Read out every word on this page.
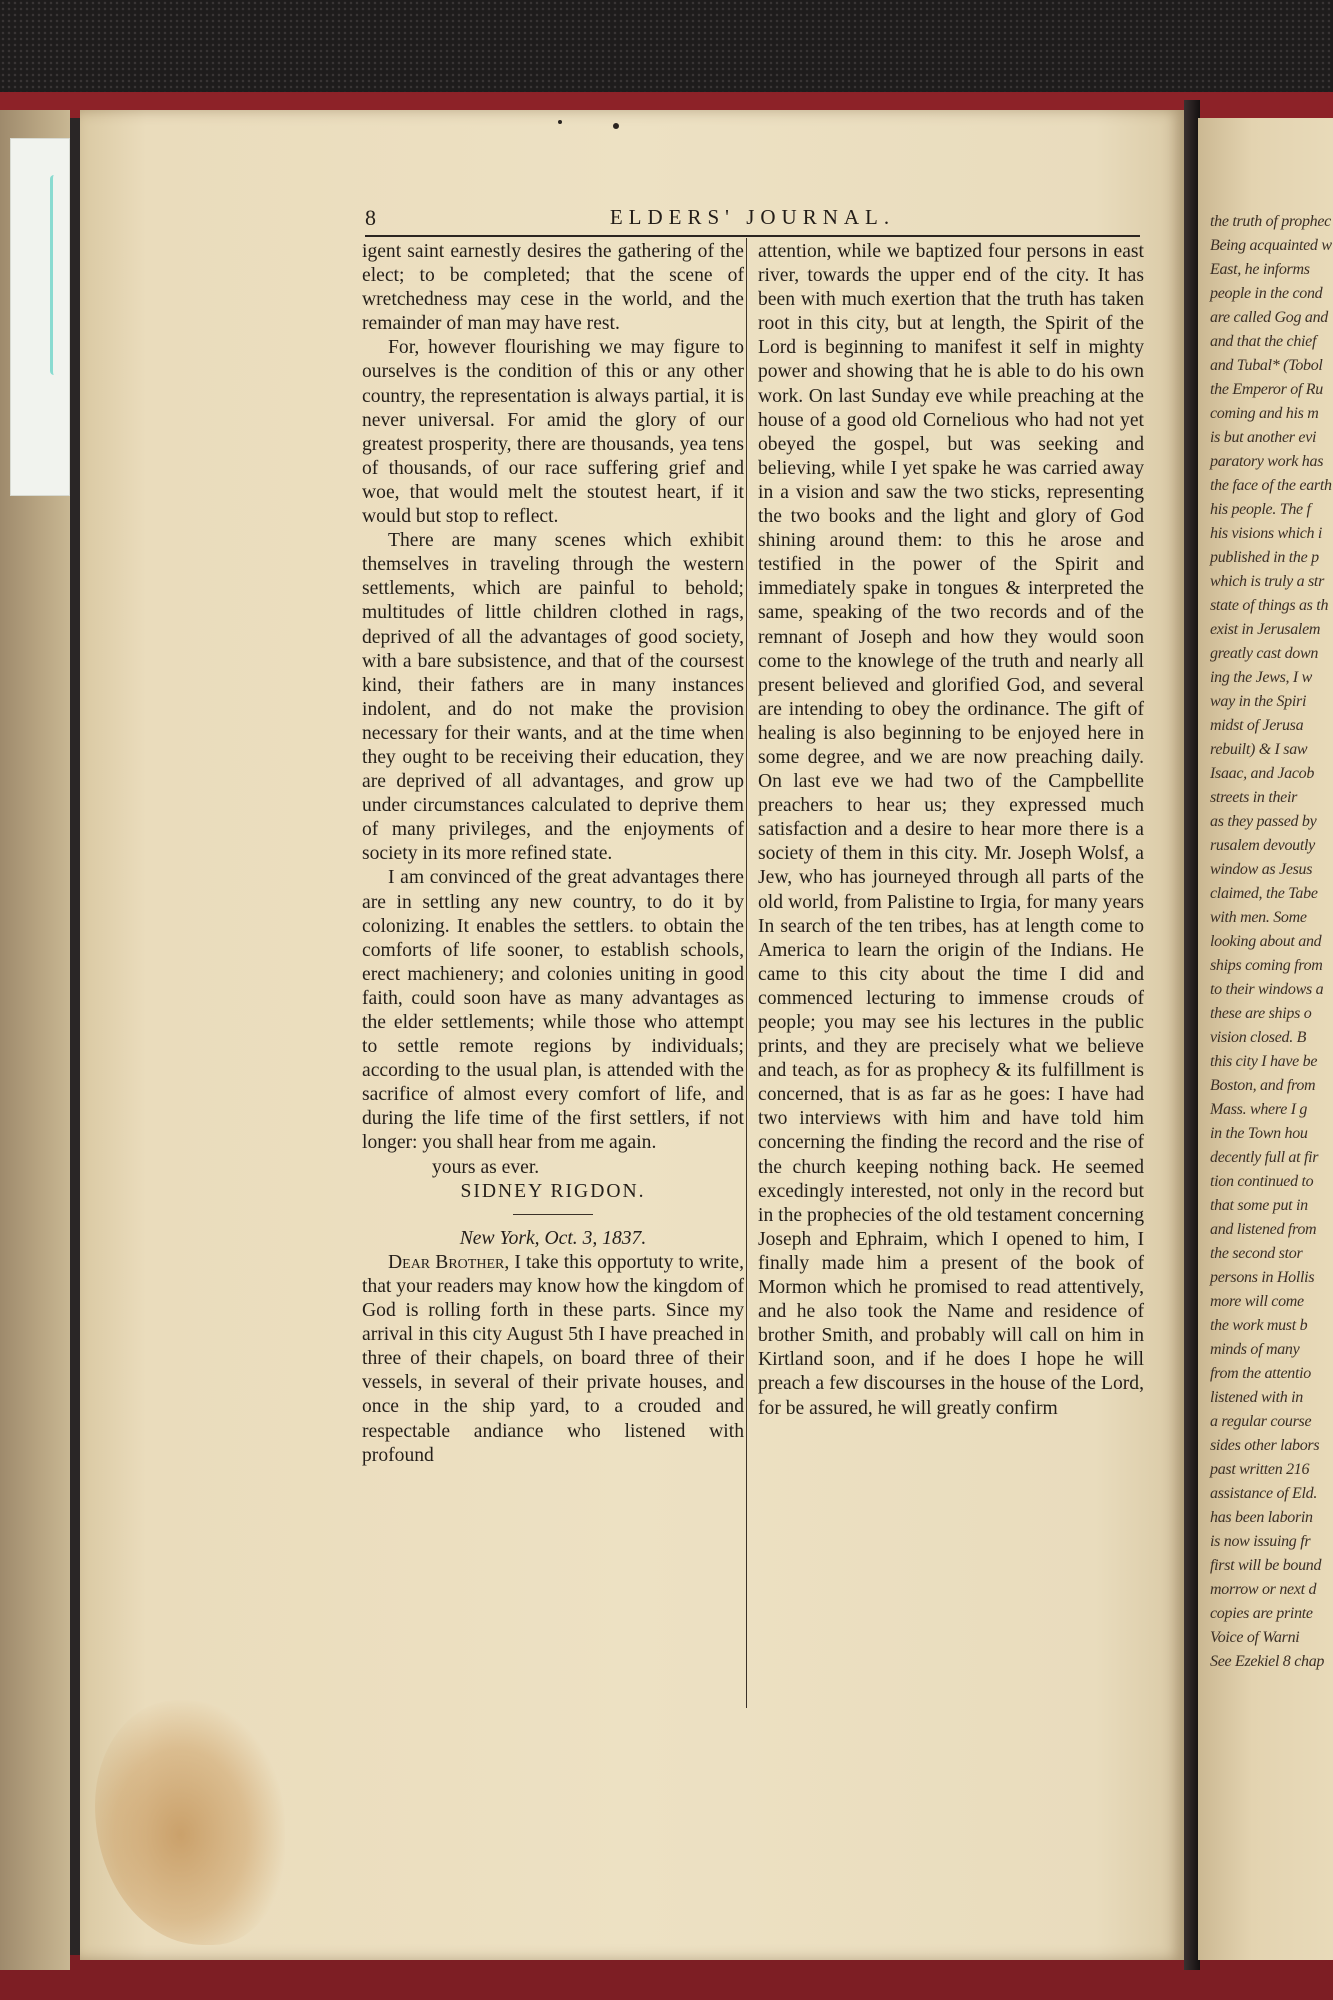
the truth of prophec
Being acquainted w
East, he informs
people in the cond
are called Gog and
and that the chief
and Tubal* (Tobol
the Emperor of Ru
coming and his m
is but another evi
paratory work has
the face of the earth
his people. The f
his visions which i
published in the p
which is truly a str
state of things as th
exist in Jerusalem
greatly cast down
ing the Jews, I w
way in the Spiri
midst of Jerusa
rebuilt) & I saw
Isaac, and Jacob
streets in their
as they passed by
rusalem devoutly
window as Jesus
claimed, the Tabe
with men. Some
looking about and
ships coming from
to their windows a
these are ships o
vision closed. B
this city I have be
Boston, and from
Mass. where I g
in the Town hou
decently full at fir
tion continued to
that some put in
and listened from
the second stor
persons in Hollis
more will come
the work must b
minds of many
from the attentio
listened with in
a regular course
sides other labors
past written 216
assistance of Eld.
has been laborin
is now issuing fr
first will be bound
morrow or next d
copies are printe
Voice of Warni
See Ezekiel 8 chap
8	ELDERS' JOURNAL.

igent saint earnestly desires the gathering of the elect; to be completed; that the scene of wretchedness may cese in the world, and the remainder of man may have rest.

For, however flourishing we may figure to ourselves is the condition of this or any other country, the representation is always partial, it is never universal. For amid the glory of our greatest prosperity, there are thousands, yea tens of thousands, of our race suffering grief and woe, that would melt the stoutest heart, if it would but stop to reflect.

There are many scenes which exhibit themselves in traveling through the western settlements, which are painful to behold; multitudes of little children clothed in rags, deprived of all the advantages of good society, with a bare subsistence, and that of the coursest kind, their fathers are in many instances indolent, and do not make the provision necessary for their wants, and at the time when they ought to be receiving their education, they are deprived of all advantages, and grow up under circumstances calculated to deprive them of many privileges, and the enjoyments of society in its more refined state.

I am convinced of the great advantages there are in settling any new country, to do it by colonizing. It enables the settlers. to obtain the comforts of life sooner, to establish schools, erect machienery; and colonies uniting in good faith, could soon have as many advantages as the elder settlements; while those who attempt to settle remote regions by individuals; according to the usual plan, is attended with the sacrifice of almost every comfort of life, and during the life time of the first settlers, if not longer: you shall hear from me again.

yours as ever.

SIDNEY RIGDON.

New York, Oct. 3, 1837.

Dear Brother, I take this opportuty to write, that your readers may know how the kingdom of God is rolling forth in these parts. Since my arrival in this city August 5th I have preached in three of their chapels, on board three of their vessels, in several of their private houses, and once in the ship yard, to a crouded and respectable andiance who listened with profound

attention, while we baptized four persons in east river, towards the upper end of the city. It has been with much exertion that the truth has taken root in this city, but at length, the Spirit of the Lord is beginning to manifest it self in mighty power and showing that he is able to do his own work. On last Sunday eve while preaching at the house of a good old Cornelious who had not yet obeyed the gospel, but was seeking and believing, while I yet spake he was carried away in a vision and saw the two sticks, representing the two books and the light and glory of God shining around them: to this he arose and testified in the power of the Spirit and immediately spake in tongues & interpreted the same, speaking of the two records and of the remnant of Joseph and how they would soon come to the knowlege of the truth and nearly all present believed and glorified God, and several are intending to obey the ordinance. The gift of healing is also beginning to be enjoyed here in some degree, and we are now preaching daily. On last eve we had two of the Campbellite preachers to hear us; they expressed much satisfaction and a desire to hear more there is a society of them in this city. Mr. Joseph Wolsf, a Jew, who has journeyed through all parts of the old world, from Palistine to Irgia, for many years In search of the ten tribes, has at length come to America to learn the origin of the Indians. He came to this city about the time I did and commenced lecturing to immense crouds of people; you may see his lectures in the public prints, and they are precisely what we believe and teach, as for as prophecy & its fulfillment is concerned, that is as far as he goes: I have had two interviews with him and have told him concerning the finding the record and the rise of the church keeping nothing back. He seemed excedingly interested, not only in the record but in the prophecies of the old testament concerning Joseph and Ephraim, which I opened to him, I finally made him a present of the book of Mormon which he promised to read attentively, and he also took the Name and residence of brother Smith, and probably will call on him in Kirtland soon, and if he does I hope he will preach a few discourses in the house of the Lord, for be assured, he will greatly confirm
